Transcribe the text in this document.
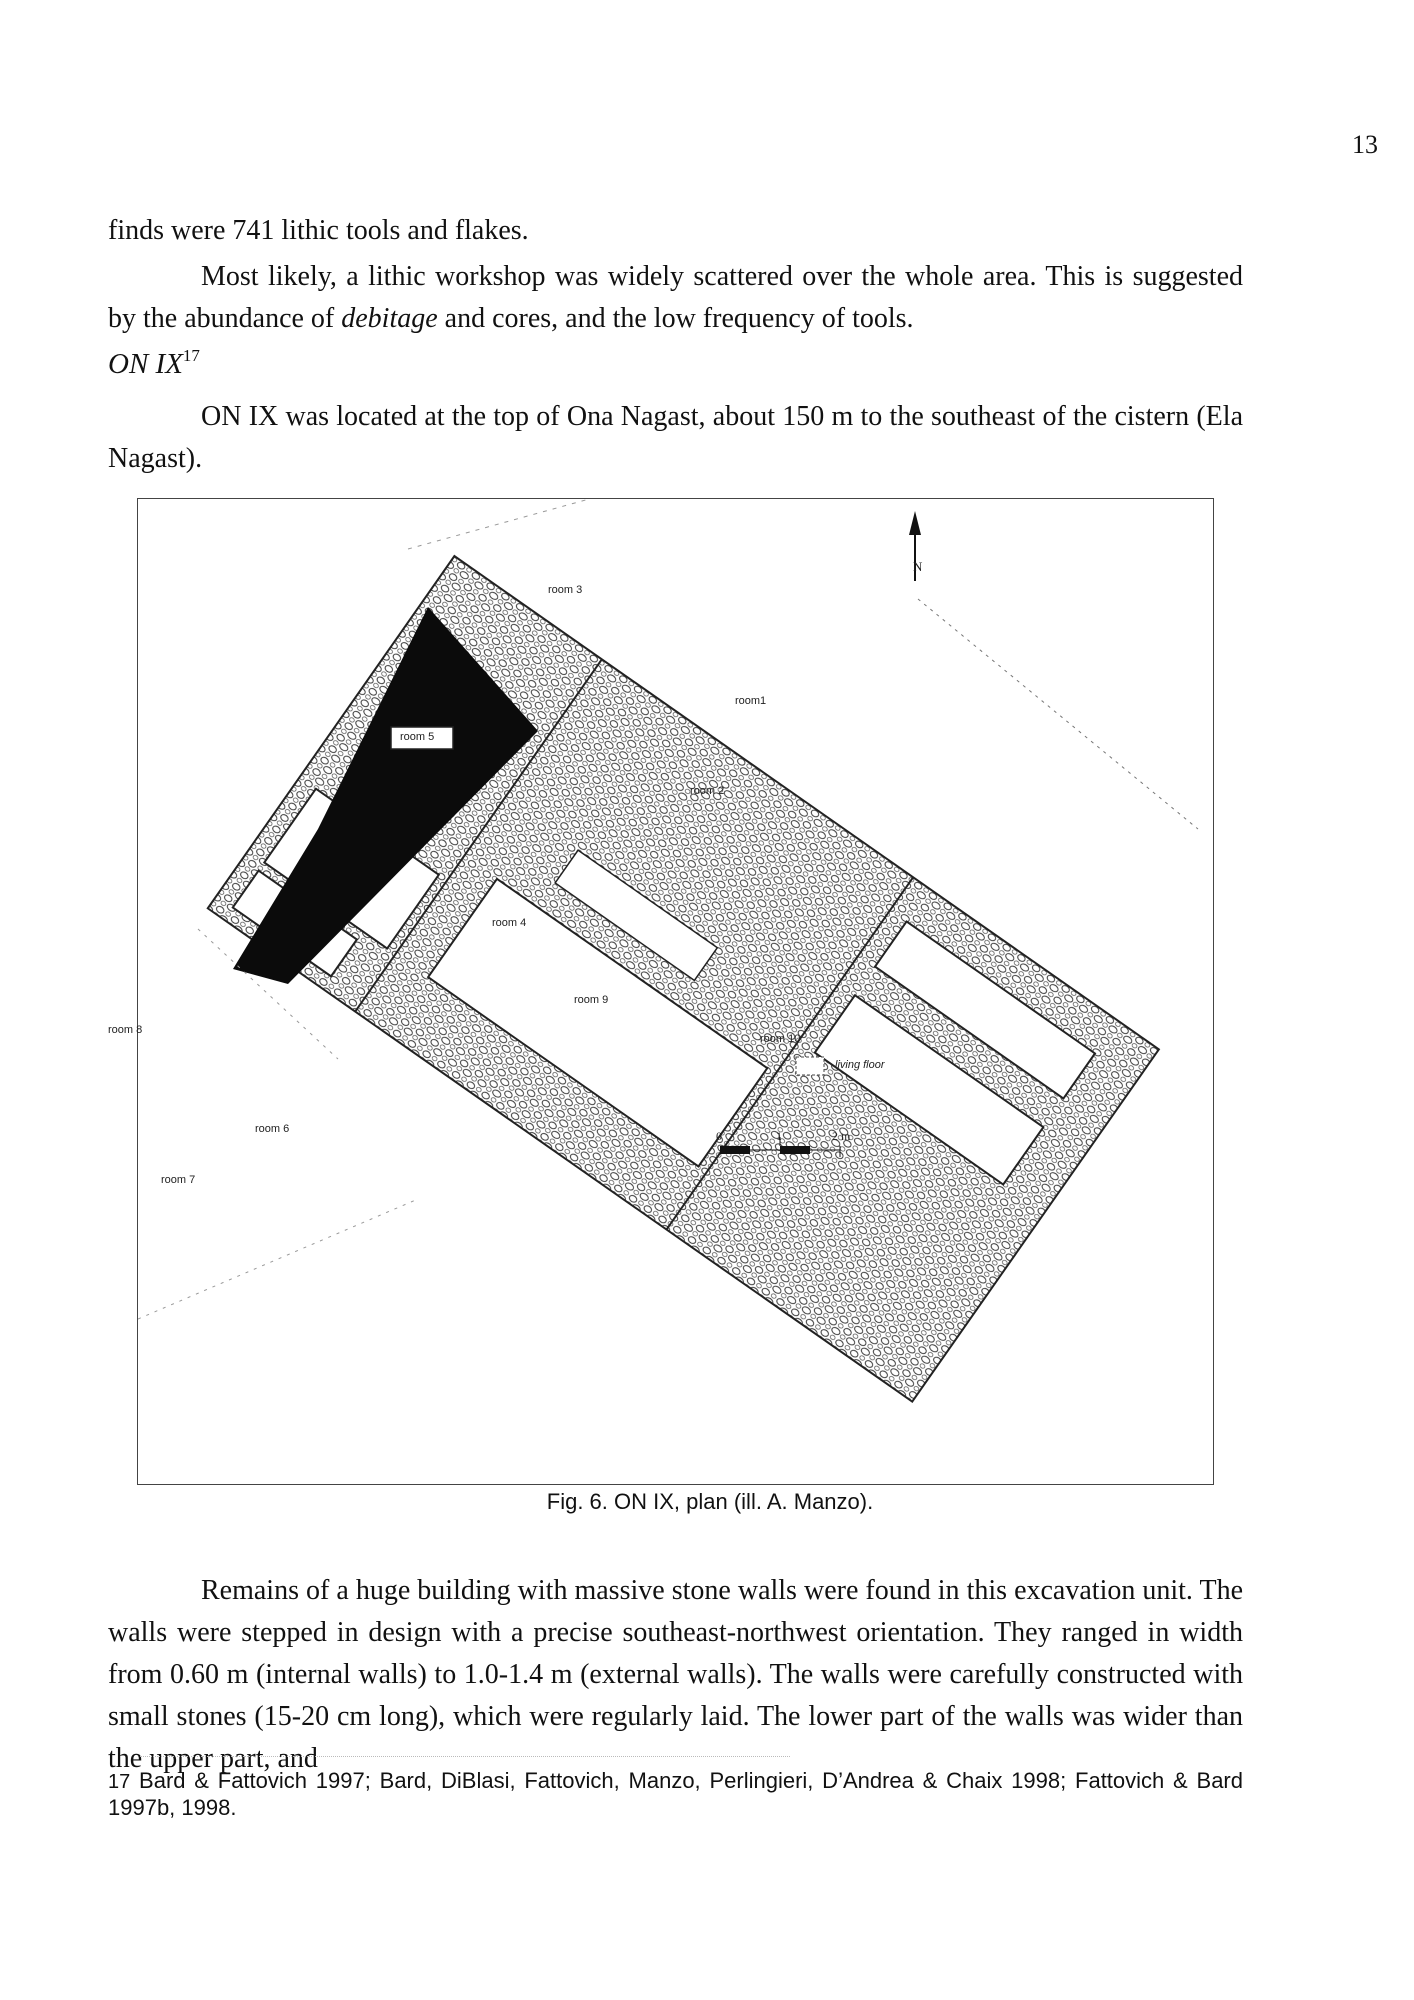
13
finds were 741 lithic tools and flakes.
Most likely, a lithic workshop was widely scattered over the whole area. This is suggested by the abundance of debitage and cores, and the low frequency of tools.
ON IX$^{17}$
ON IX was located at the top of Ona Nagast, about 150 m to the southeast of the cistern (Ela Nagast).
N
room 3
room1
room 5
room 2
room 4
room 9
room 8
room 10
room 6
living floor
room 7
0	1	2 m
Fig. 6. ON IX, plan (ill. A. Manzo).
Remains of a huge building with massive stone walls were found in this excavation unit. The walls were stepped in design with a precise southeast-northwest orientation. They ranged in width from 0.60 m (internal walls) to 1.0-1.4 m (external walls). The walls were carefully constructed with small stones (15-20 cm long), which were regularly laid. The lower part of the walls was wider than the upper part, and
17 Bard & Fattovich 1997; Bard, DiBlasi, Fattovich, Manzo, Perlingieri, D’Andrea & Chaix 1998; Fattovich & Bard 1997b, 1998.
